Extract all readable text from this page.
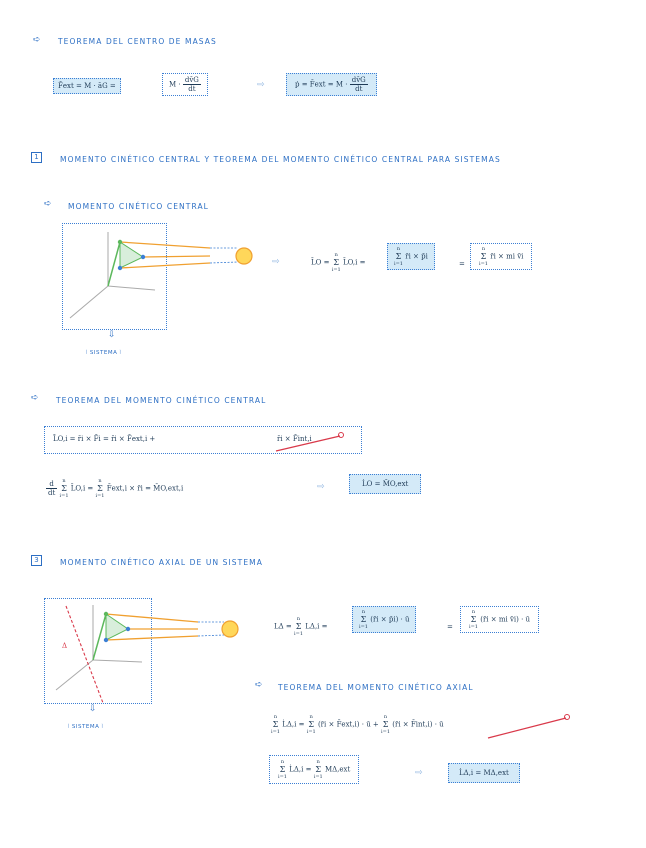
➪ TEOREMA DEL CENTRO DE MASAS
F̄ext = M · āG =	$M \cdot \frac{dv̄G}{dt}$	⇨	ṗ = F̄ext = $M \cdot \frac{dv̄G}{dt}$
1	MOMENTO CINÉTICO CENTRAL Y TEOREMA DEL MOMENTO CINÉTICO CENTRAL PARA SISTEMAS
➪ MOMENTO CINÉTICO CENTRAL
⇩
⦚ SISTEMA ⦚
⇨	L̄O = n
Σ
i=1 L̄O,i =
n
Σ
i=1 r̄i × p̄i
=
n
Σ
i=1 r̄i × mi v̄i
➪ TEOREMA DEL MOMENTO CINÉTICO CENTRAL
L̄O,i = r̄i × F̄i = r̄i × F̄ext,i +	r̄i × F̄int,i
$\frac{d}{dt}$ n
Σ
i=1 L̄O,i = n
Σ
i=1 F̄ext,i × r̄i = M̄O,ext,i	⇨	L̇O = M̄O,ext
3	MOMENTO CINÉTICO AXIAL DE UN SISTEMA
Δ
⇩
⦚ SISTEMA ⦚
LΔ = n
Σ
i=1 LΔ,i =
n
Σ
i=1 (r̄i × p̄i) · ū
=
n
Σ
i=1 (r̄i × mi v̄i) · ū
➪ TEOREMA DEL MOMENTO CINÉTICO AXIAL
n
Σ
i=1 L̇Δ,i = n
Σ
i=1 (r̄i × F̄ext,i) · ū + n
Σ
i=1 (r̄i × F̄int,i) · ū
n
Σ
i=1 L̇Δ,i = n
Σ
i=1 MΔ,ext	⇨	L̇Δ,i = MΔ,ext
